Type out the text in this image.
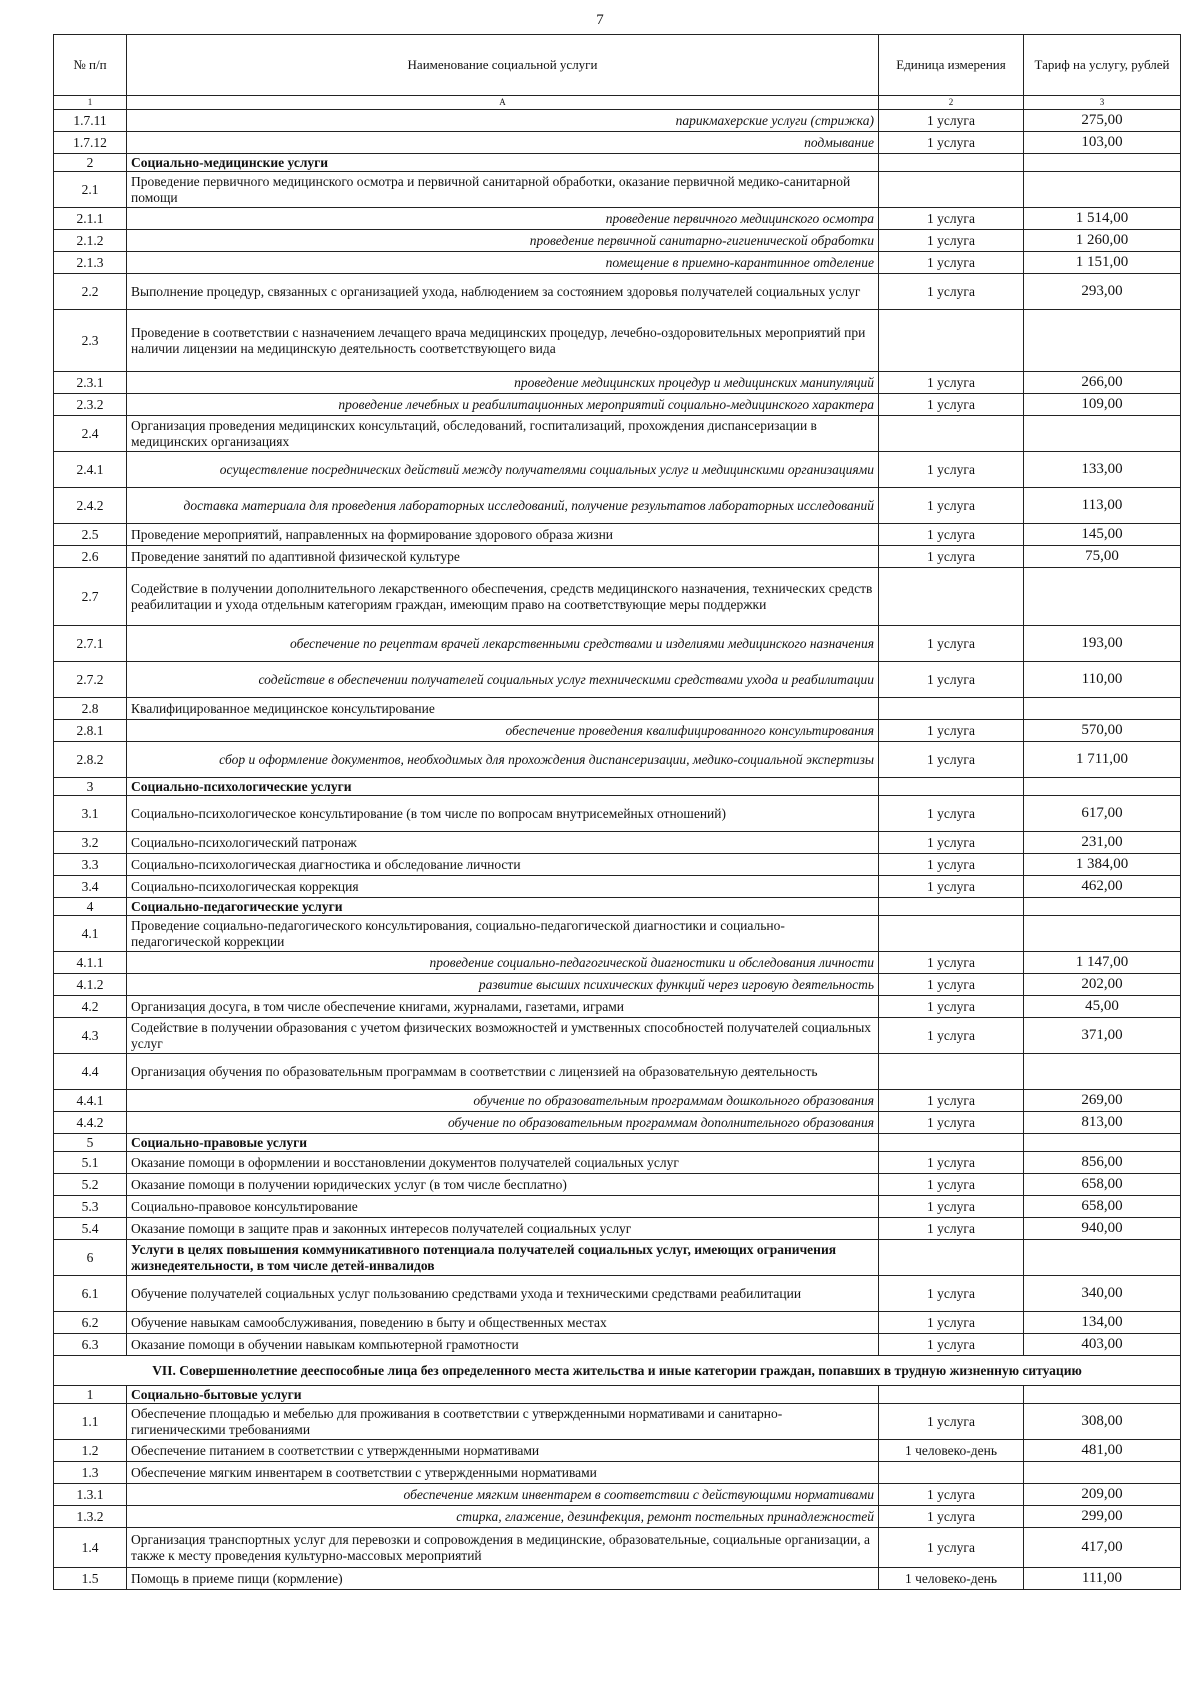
7
№ п/п	Наименование социальной услуги	Единица измерения	Тариф на услугу, рублей
1	А	2	3
1.7.11	парикмахерские услуги (стрижка)	1 услуга	275,00
1.7.12	подмывание	1 услуга	103,00
2	Социально-медицинские услуги		
2.1	Проведение первичного медицинского осмотра и первичной санитарной обработки, оказание первичной медико-санитарной помощи		
2.1.1	проведение первичного медицинского осмотра	1 услуга	1 514,00
2.1.2	проведение первичной санитарно-гигиенической обработки	1 услуга	1 260,00
2.1.3	помещение в приемно-карантинное отделение	1 услуга	1 151,00
2.2	Выполнение процедур, связанных с организацией ухода, наблюдением за состоянием здоровья получателей социальных услуг	1 услуга	293,00
2.3	Проведение в соответствии с назначением лечащего врача медицинских процедур, лечебно-оздоровительных мероприятий при наличии лицензии на медицинскую деятельность соответствующего вида		
2.3.1	проведение медицинских процедур и медицинских манипуляций	1 услуга	266,00
2.3.2	проведение лечебных и реабилитационных мероприятий социально-медицинского характера	1 услуга	109,00
2.4	Организация проведения медицинских консультаций, обследований, госпитализаций, прохождения диспансеризации в медицинских организациях		
2.4.1	осуществление посреднических действий между получателями социальных услуг и медицинскими организациями	1 услуга	133,00
2.4.2	доставка материала для проведения лабораторных исследований, получение результатов лабораторных исследований	1 услуга	113,00
2.5	Проведение мероприятий, направленных на формирование здорового образа жизни	1 услуга	145,00
2.6	Проведение занятий по адаптивной физической культуре	1 услуга	75,00
2.7	Содействие в получении дополнительного лекарственного обеспечения, средств медицинского назначения, технических средств реабилитации и ухода отдельным категориям граждан, имеющим право на соответствующие меры поддержки		
2.7.1	обеспечение по рецептам врачей лекарственными средствами и изделиями медицинского назначения	1 услуга	193,00
2.7.2	содействие в обеспечении получателей социальных услуг техническими средствами ухода и реабилитации	1 услуга	110,00
2.8	Квалифицированное медицинское консультирование		
2.8.1	обеспечение проведения квалифицированного консультирования	1 услуга	570,00
2.8.2	сбор и оформление документов, необходимых для прохождения диспансеризации, медико-социальной экспертизы	1 услуга	1 711,00
3	Социально-психологические услуги		
3.1	Социально-психологическое консультирование (в том числе по вопросам внутрисемейных отношений)	1 услуга	617,00
3.2	Социально-психологический патронаж	1 услуга	231,00
3.3	Социально-психологическая диагностика и обследование личности	1 услуга	1 384,00
3.4	Социально-психологическая коррекция	1 услуга	462,00
4	Социально-педагогические услуги		
4.1	Проведение социально-педагогического консультирования, социально-педагогической диагностики и социально-педагогической коррекции		
4.1.1	проведение социально-педагогической диагностики и обследования личности	1 услуга	1 147,00
4.1.2	развитие высших психических функций через игровую деятельность	1 услуга	202,00
4.2	Организация досуга, в том числе обеспечение книгами, журналами, газетами, играми	1 услуга	45,00
4.3	Содействие в получении образования с учетом физических возможностей и умственных способностей получателей социальных услуг	1 услуга	371,00
4.4	Организация обучения по образовательным программам в соответствии с лицензией на образовательную деятельность		
4.4.1	обучение по образовательным программам дошкольного образования	1 услуга	269,00
4.4.2	обучение по образовательным программам дополнительного образования	1 услуга	813,00
5	Социально-правовые услуги		
5.1	Оказание помощи в оформлении и восстановлении документов получателей социальных услуг	1 услуга	856,00
5.2	Оказание помощи в получении юридических услуг (в том числе бесплатно)	1 услуга	658,00
5.3	Социально-правовое консультирование	1 услуга	658,00
5.4	Оказание помощи в защите прав и законных интересов получателей социальных услуг	1 услуга	940,00
6	Услуги в целях повышения коммуникативного потенциала получателей социальных услуг, имеющих ограничения жизнедеятельности, в том числе детей-инвалидов		
6.1	Обучение получателей социальных услуг пользованию средствами ухода и техническими средствами реабилитации	1 услуга	340,00
6.2	Обучение навыкам самообслуживания, поведению в быту и общественных местах	1 услуга	134,00
6.3	Оказание помощи в обучении навыкам компьютерной грамотности	1 услуга	403,00
VII. Совершеннолетние дееспособные лица без определенного места жительства и иные категории граждан, попавших в трудную жизненную ситуацию			
1	Социально-бытовые услуги		
1.1	Обеспечение площадью и мебелью для проживания в соответствии с утвержденными нормативами и санитарно-гигиеническими требованиями	1 услуга	308,00
1.2	Обеспечение питанием в соответствии с утвержденными нормативами	1 человеко-день	481,00
1.3	Обеспечение мягким инвентарем в соответствии с утвержденными нормативами		
1.3.1	обеспечение мягким инвентарем в соответствии с действующими нормативами	1 услуга	209,00
1.3.2	стирка, глажение, дезинфекция, ремонт постельных принадлежностей	1 услуга	299,00
1.4	Организация транспортных услуг для перевозки и сопровождения в медицинские, образовательные, социальные организации, а также к месту проведения культурно-массовых мероприятий	1 услуга	417,00
1.5	Помощь в приеме пищи (кормление)	1 человеко-день	111,00
